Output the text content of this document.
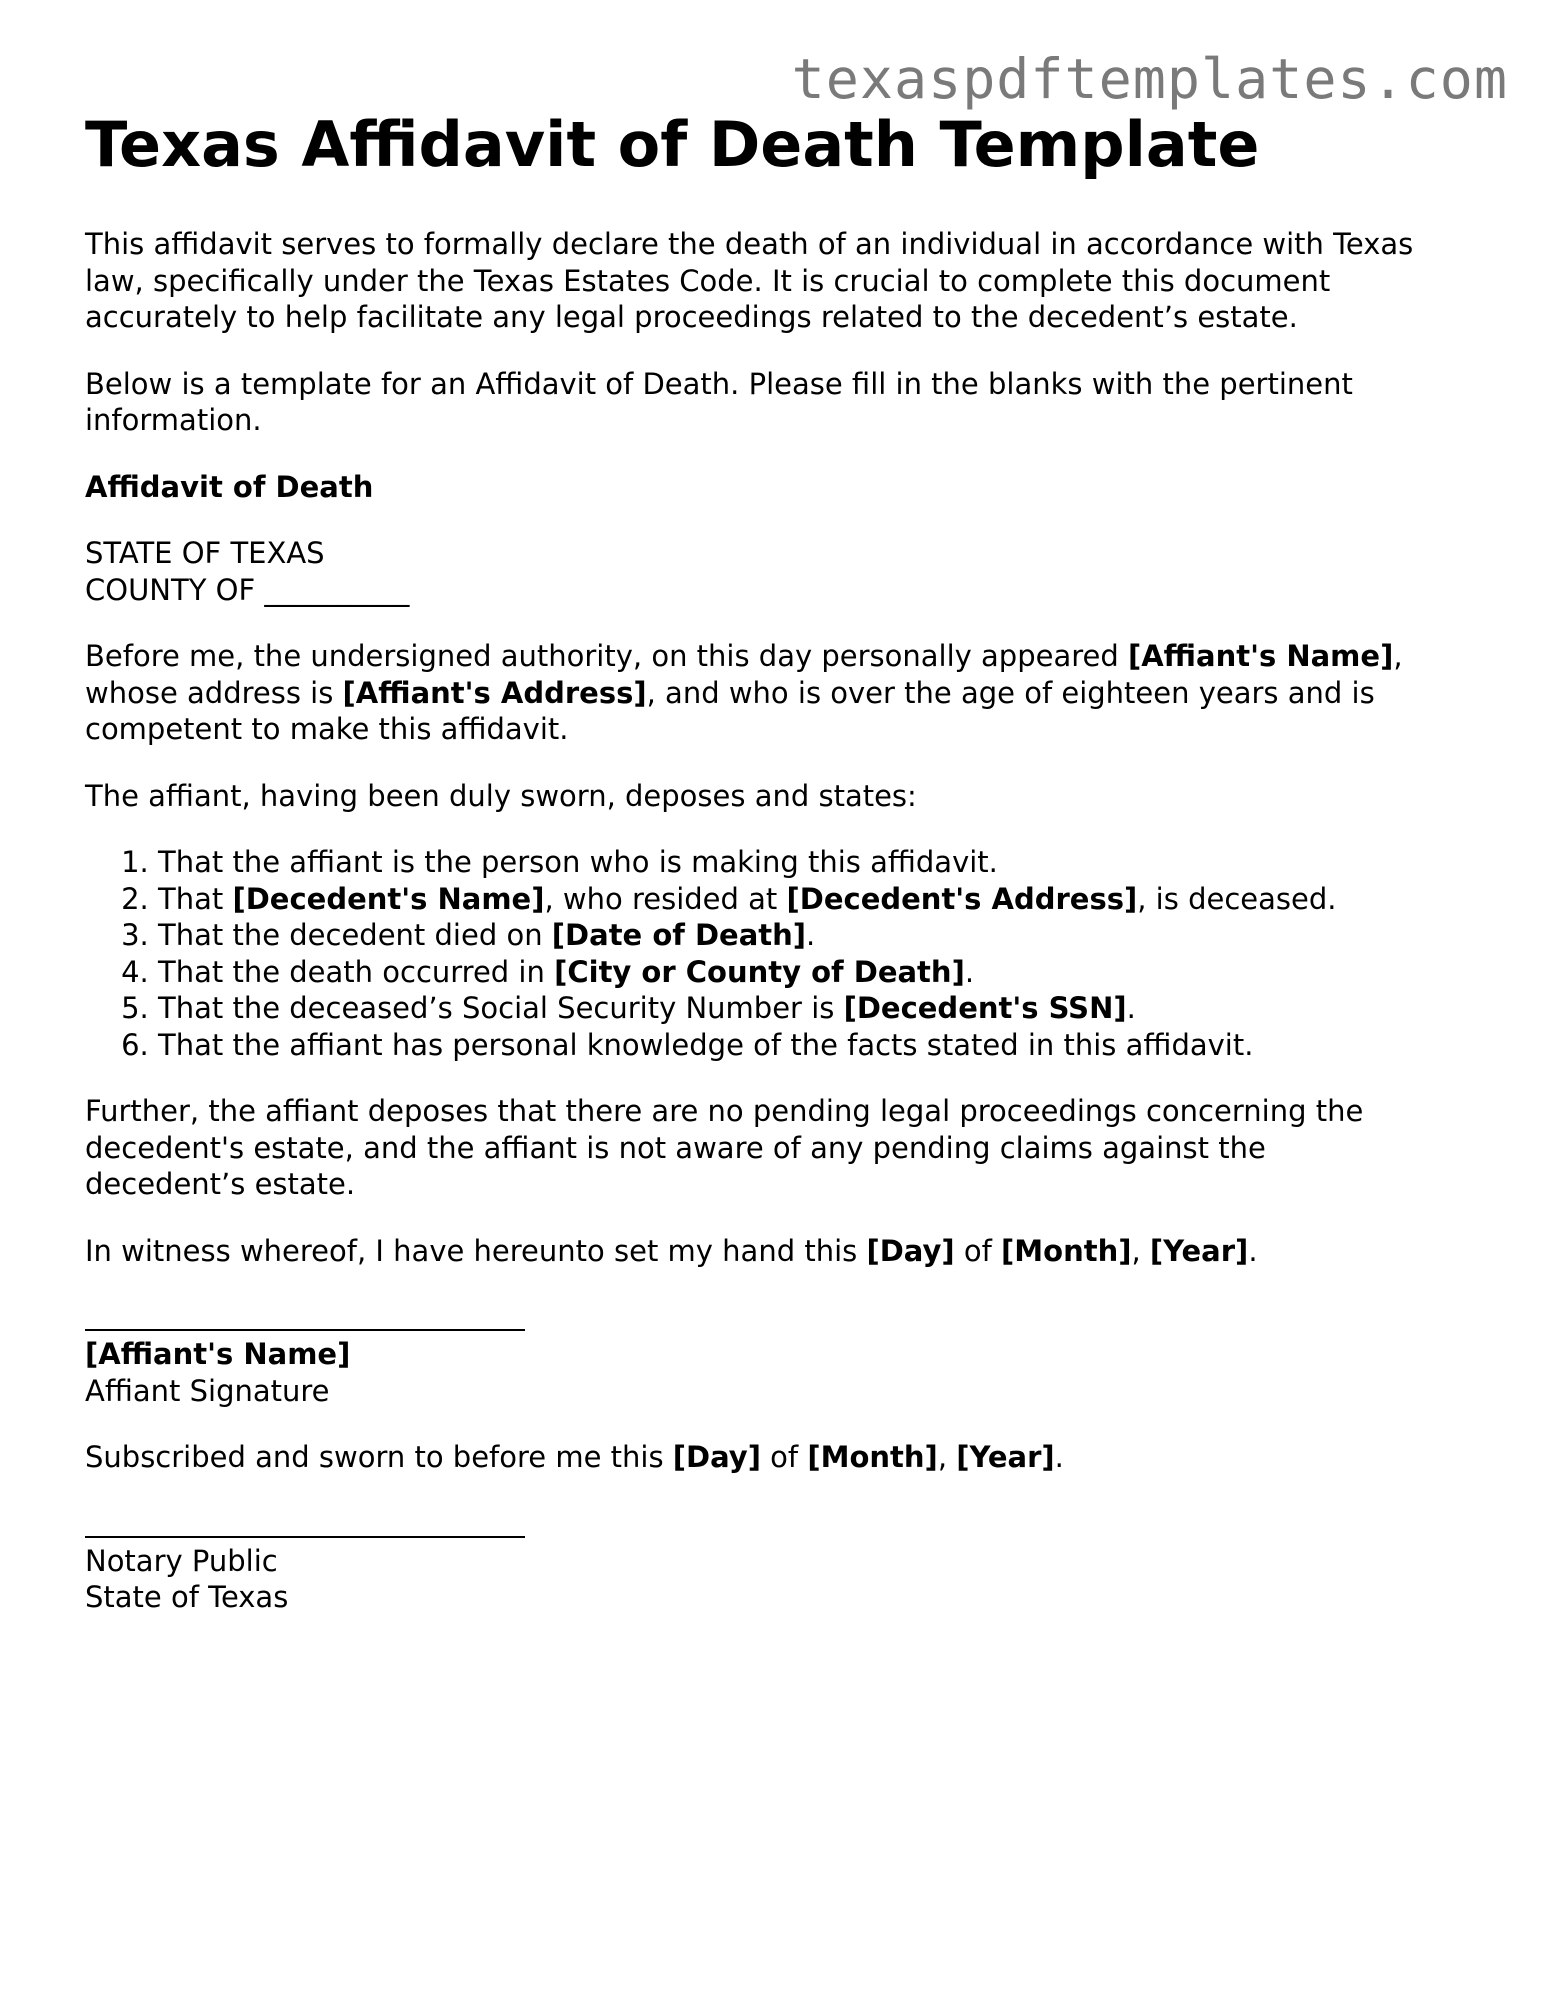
texaspdftemplates.com
Texas Affidavit of Death Template

This affidavit serves to formally declare the death of an individual in accordance with Texas law, specifically under the Texas Estates Code. It is crucial to complete this document accurately to help facilitate any legal proceedings related to the decedent’s estate.

Below is a template for an Affidavit of Death. Please fill in the blanks with the pertinent information.

Affidavit of Death

STATE OF TEXAS
COUNTY OF __________

Before me, the undersigned authority, on this day personally appeared [Affiant's Name], whose address is [Affiant's Address], and who is over the age of eighteen years and is competent to make this affidavit.

The affiant, having been duly sworn, deposes and states:

1. That the affiant is the person who is making this affidavit.
2. That [Decedent's Name], who resided at [Decedent's Address], is deceased.
3. That the decedent died on [Date of Death].
4. That the death occurred in [City or County of Death].
5. That the deceased’s Social Security Number is [Decedent's SSN].
6. That the affiant has personal knowledge of the facts stated in this affidavit.

Further, the affiant deposes that there are no pending legal proceedings concerning the decedent's estate, and the affiant is not aware of any pending claims against the decedent’s estate.

In witness whereof, I have hereunto set my hand this [Day] of [Month], [Year].

[Affiant's Name]
Affiant Signature

Subscribed and sworn to before me this [Day] of [Month], [Year].

Notary Public
State of Texas
